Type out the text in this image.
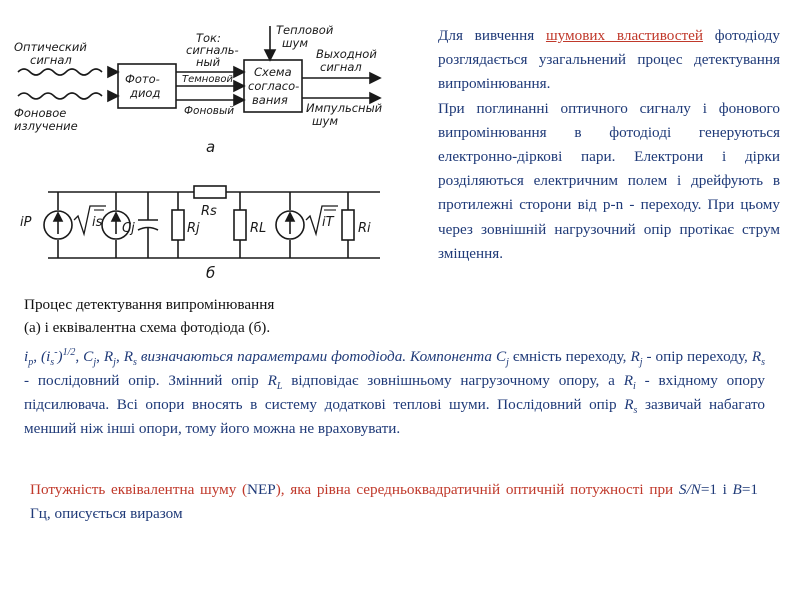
Оптический
сигнал
Фоновое
излучение
Фото-
диод
Ток:
сигналь-
ный
Темновой
Фоновый
Тепловой
шум
Схема
согласо-
вания
Выходной
сигнал
Импульсный
шум
а
iP	is Cj	Rj
Rs
RL	iT Ri
б

Для вивчення шумових властивостей фотодіоду розглядається узагальнений процес детектування випромінювання.

При поглинанні оптичного сигналу і фонового випромінювання в фотодіоді генеруються електронно-діркові пари. Електрони і дірки розділяються електричним полем і дрейфують в протилежні сторони від p-n - переходу. При цьому через зовнішній нагрузочний опір протікає струм зміщення.

Процес детектування випромінювання
(а) і еквівалентна схема фотодіода (б).
$i_p$, $(i_s^-)^{1/2}$, $C_j$, $R_j$, $R_s$ визначаються параметрами фотодіода. Компонента $C_j$ ємність переходу, $R_j$ - опір переходу, $R_s$ - послідовний опір. Змінний опір $R_L$ відповідає зовнішньому нагрузочному опору, а $R_i$ - вхідному опору підсилювача. Всі опори вносять в систему додаткові теплові шуми. Послідовний опір $R_s$ зазвичай набагато менший ніж інші опори, тому його можна не враховувати.
Потужність еквівалентна шуму (NEP), яка рівна середньоквадратичній оптичній потужності при S/N=1 і B=1 Гц, описується виразом
